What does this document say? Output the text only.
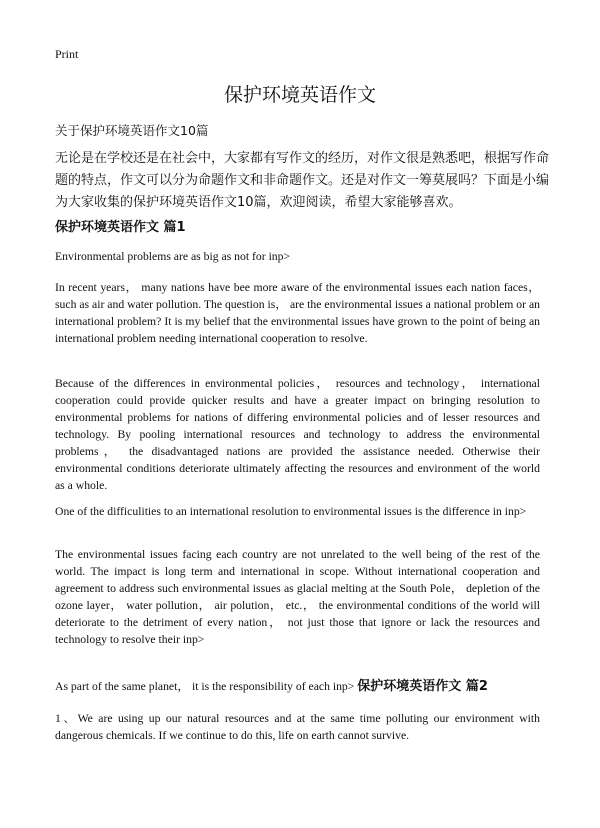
Print
保护环境英语作文
关于保护环境英语作文10篇

无论是在学校还是在社会中，大家都有写作文的经历，对作文很是熟悉吧，根据写作命题的特点，作文可以分为命题作文和非命题作文。还是对作文一筹莫展吗？下面是小编为大家收集的保护环境英语作文10篇，欢迎阅读，希望大家能够喜欢。

保护环境英语作文 篇1

Environmental problems are as big as not for inp>

In recent years， many nations have bee more aware of the environmental issues each nation faces， such as air and water pollution. The question is， are the environmental issues a national problem or an international problem? It is my belief that the environmental issues have grown to the point of being an international problem needing international cooperation to resolve.

Because of the differences in environmental policies， resources and technology， international cooperation could provide quicker results and have a greater impact on bringing resolution to environmental problems for nations of differing environmental policies and of lesser resources and technology. By pooling international resources and technology to address the environmental problems， the disadvantaged nations are provided the assistance needed. Otherwise their environmental conditions deteriorate ultimately affecting the resources and environment of the world as a whole.

One of the difficulities to an international resolution to environmental issues is the difference in inp>

The environmental issues facing each country are not unrelated to the well being of the rest of the world. The impact is long term and international in scope. Without international cooperation and agreement to address such environmental issues as glacial melting at the South Pole， depletion of the ozone layer， water pollution， air polution， etc.， the environmental conditions of the world will deteriorate to the detriment of every nation， not just those that ignore or lack the resources and technology to resolve their inp>

As part of the same planet， it is the responsibility of each inp> 保护环境英语作文 篇2

1、We are using up our natural resources and at the same time polluting our environment with dangerous chemicals. If we continue to do this, life on earth cannot survive.
